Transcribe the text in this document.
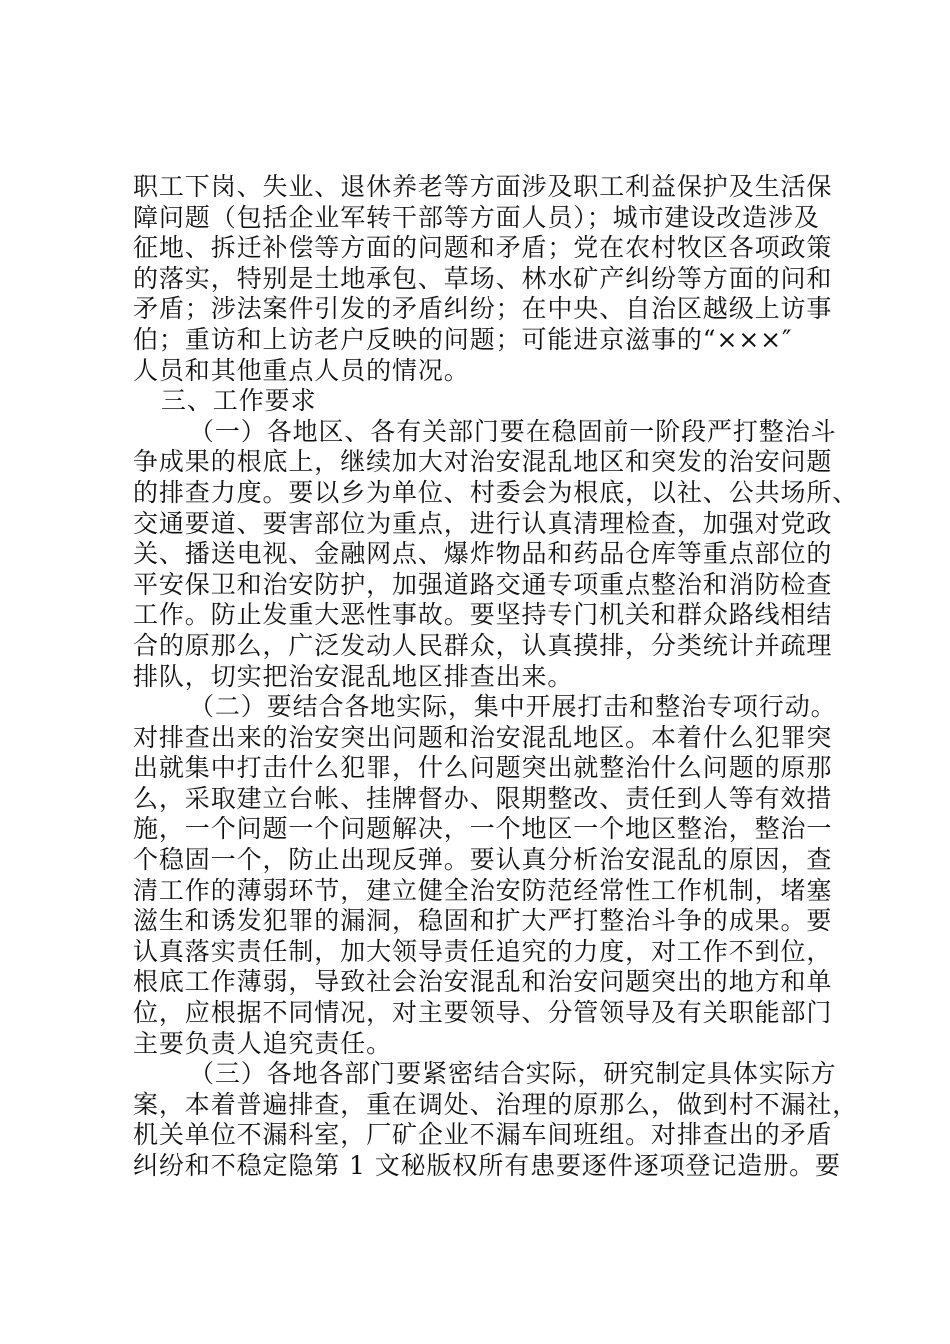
职工下岗、失业、退休养老等方面涉及职工利益保护及生活保
障问题（包括企业军转干部等方面人员）；城市建设改造涉及
征地、拆迁补偿等方面的问题和矛盾；党在农村牧区各项政策
的落实，特别是土地承包、草场、林水矿产纠纷等方面的问和
矛盾；涉法案件引发的矛盾纠纷；在中央、自治区越级上访事
伯；重访和上访老户反映的问题；可能进京滋事的“×××″
人员和其他重点人员的情况。
三、工作要求
（一）各地区、各有关部门要在稳固前一阶段严打整治斗
争成果的根底上，继续加大对治安混乱地区和突发的治安问题
的排查力度。要以乡为单位、村委会为根底，以社、公共场所、
交通要道、要害部位为重点，进行认真清理检查，加强对党政
关、播送电视、金融网点、爆炸物品和药品仓库等重点部位的
平安保卫和治安防护，加强道路交通专项重点整治和消防检查
工作。防止发重大恶性事故。要坚持专门机关和群众路线相结
合的原那么，广泛发动人民群众，认真摸排，分类统计并疏理
排队，切实把治安混乱地区排查出来。
（二）要结合各地实际，集中开展打击和整治专项行动。
对排查出来的治安突出问题和治安混乱地区。本着什么犯罪突
出就集中打击什么犯罪，什么问题突出就整治什么问题的原那
么，采取建立台帐、挂牌督办、限期整改、责任到人等有效措
施，一个问题一个问题解决，一个地区一个地区整治，整治一
个稳固一个，防止出现反弹。要认真分析治安混乱的原因，查
清工作的薄弱环节，建立健全治安防范经常性工作机制，堵塞
滋生和诱发犯罪的漏洞，稳固和扩大严打整治斗争的成果。要
认真落实责任制，加大领导责任追究的力度，对工作不到位，
根底工作薄弱，导致社会治安混乱和治安问题突出的地方和单
位，应根据不同情况，对主要领导、分管领导及有关职能部门
主要负责人追究责任。
（三）各地各部门要紧密结合实际，研究制定具体实际方
案，本着普遍排查，重在调处、治理的原那么，做到村不漏社，
机关单位不漏科室，厂矿企业不漏车间班组。对排查出的矛盾
纠纷和不稳定隐第 1 文秘版权所有患要逐件逐项登记造册。要
